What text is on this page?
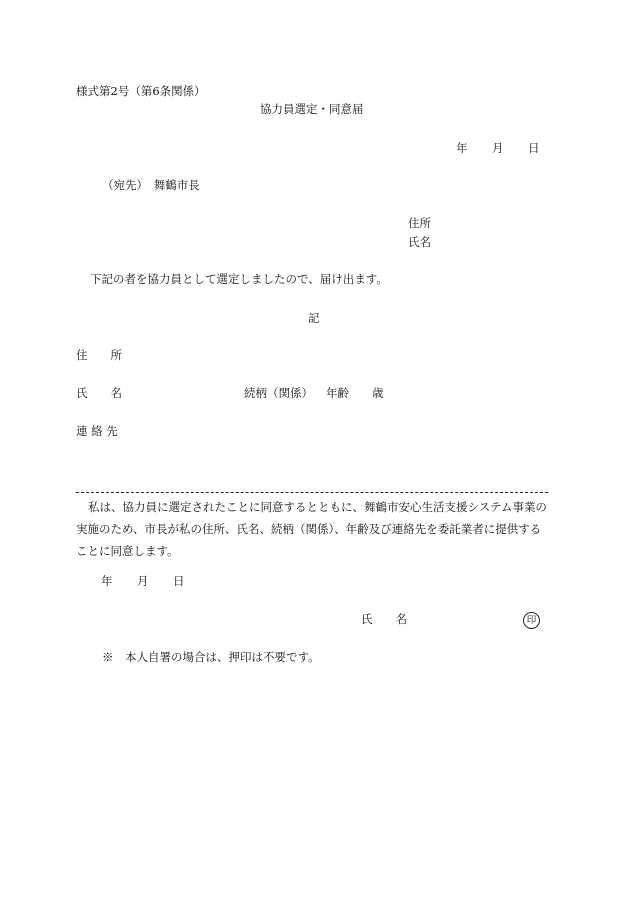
様式第2号（第6条関係）
協力員選定・同意届
年 月 日
（宛先）　舞鶴市長
住所
氏名
下記の者を協力員として選定しましたので、届け出ます。
記
住　　所
氏　　名	続柄（関係） 年齢 歳
連 絡 先
私は、協力員に選定されたことに同意するとともに、舞鶴市安心生活支援システム事業の実施のため、市長が私の住所、氏名、続柄（関係）、年齢及び連絡先を委託業者に提供することに同意します。
年 月 日
氏　　名	印
※　本人自署の場合は、押印は不要です。
